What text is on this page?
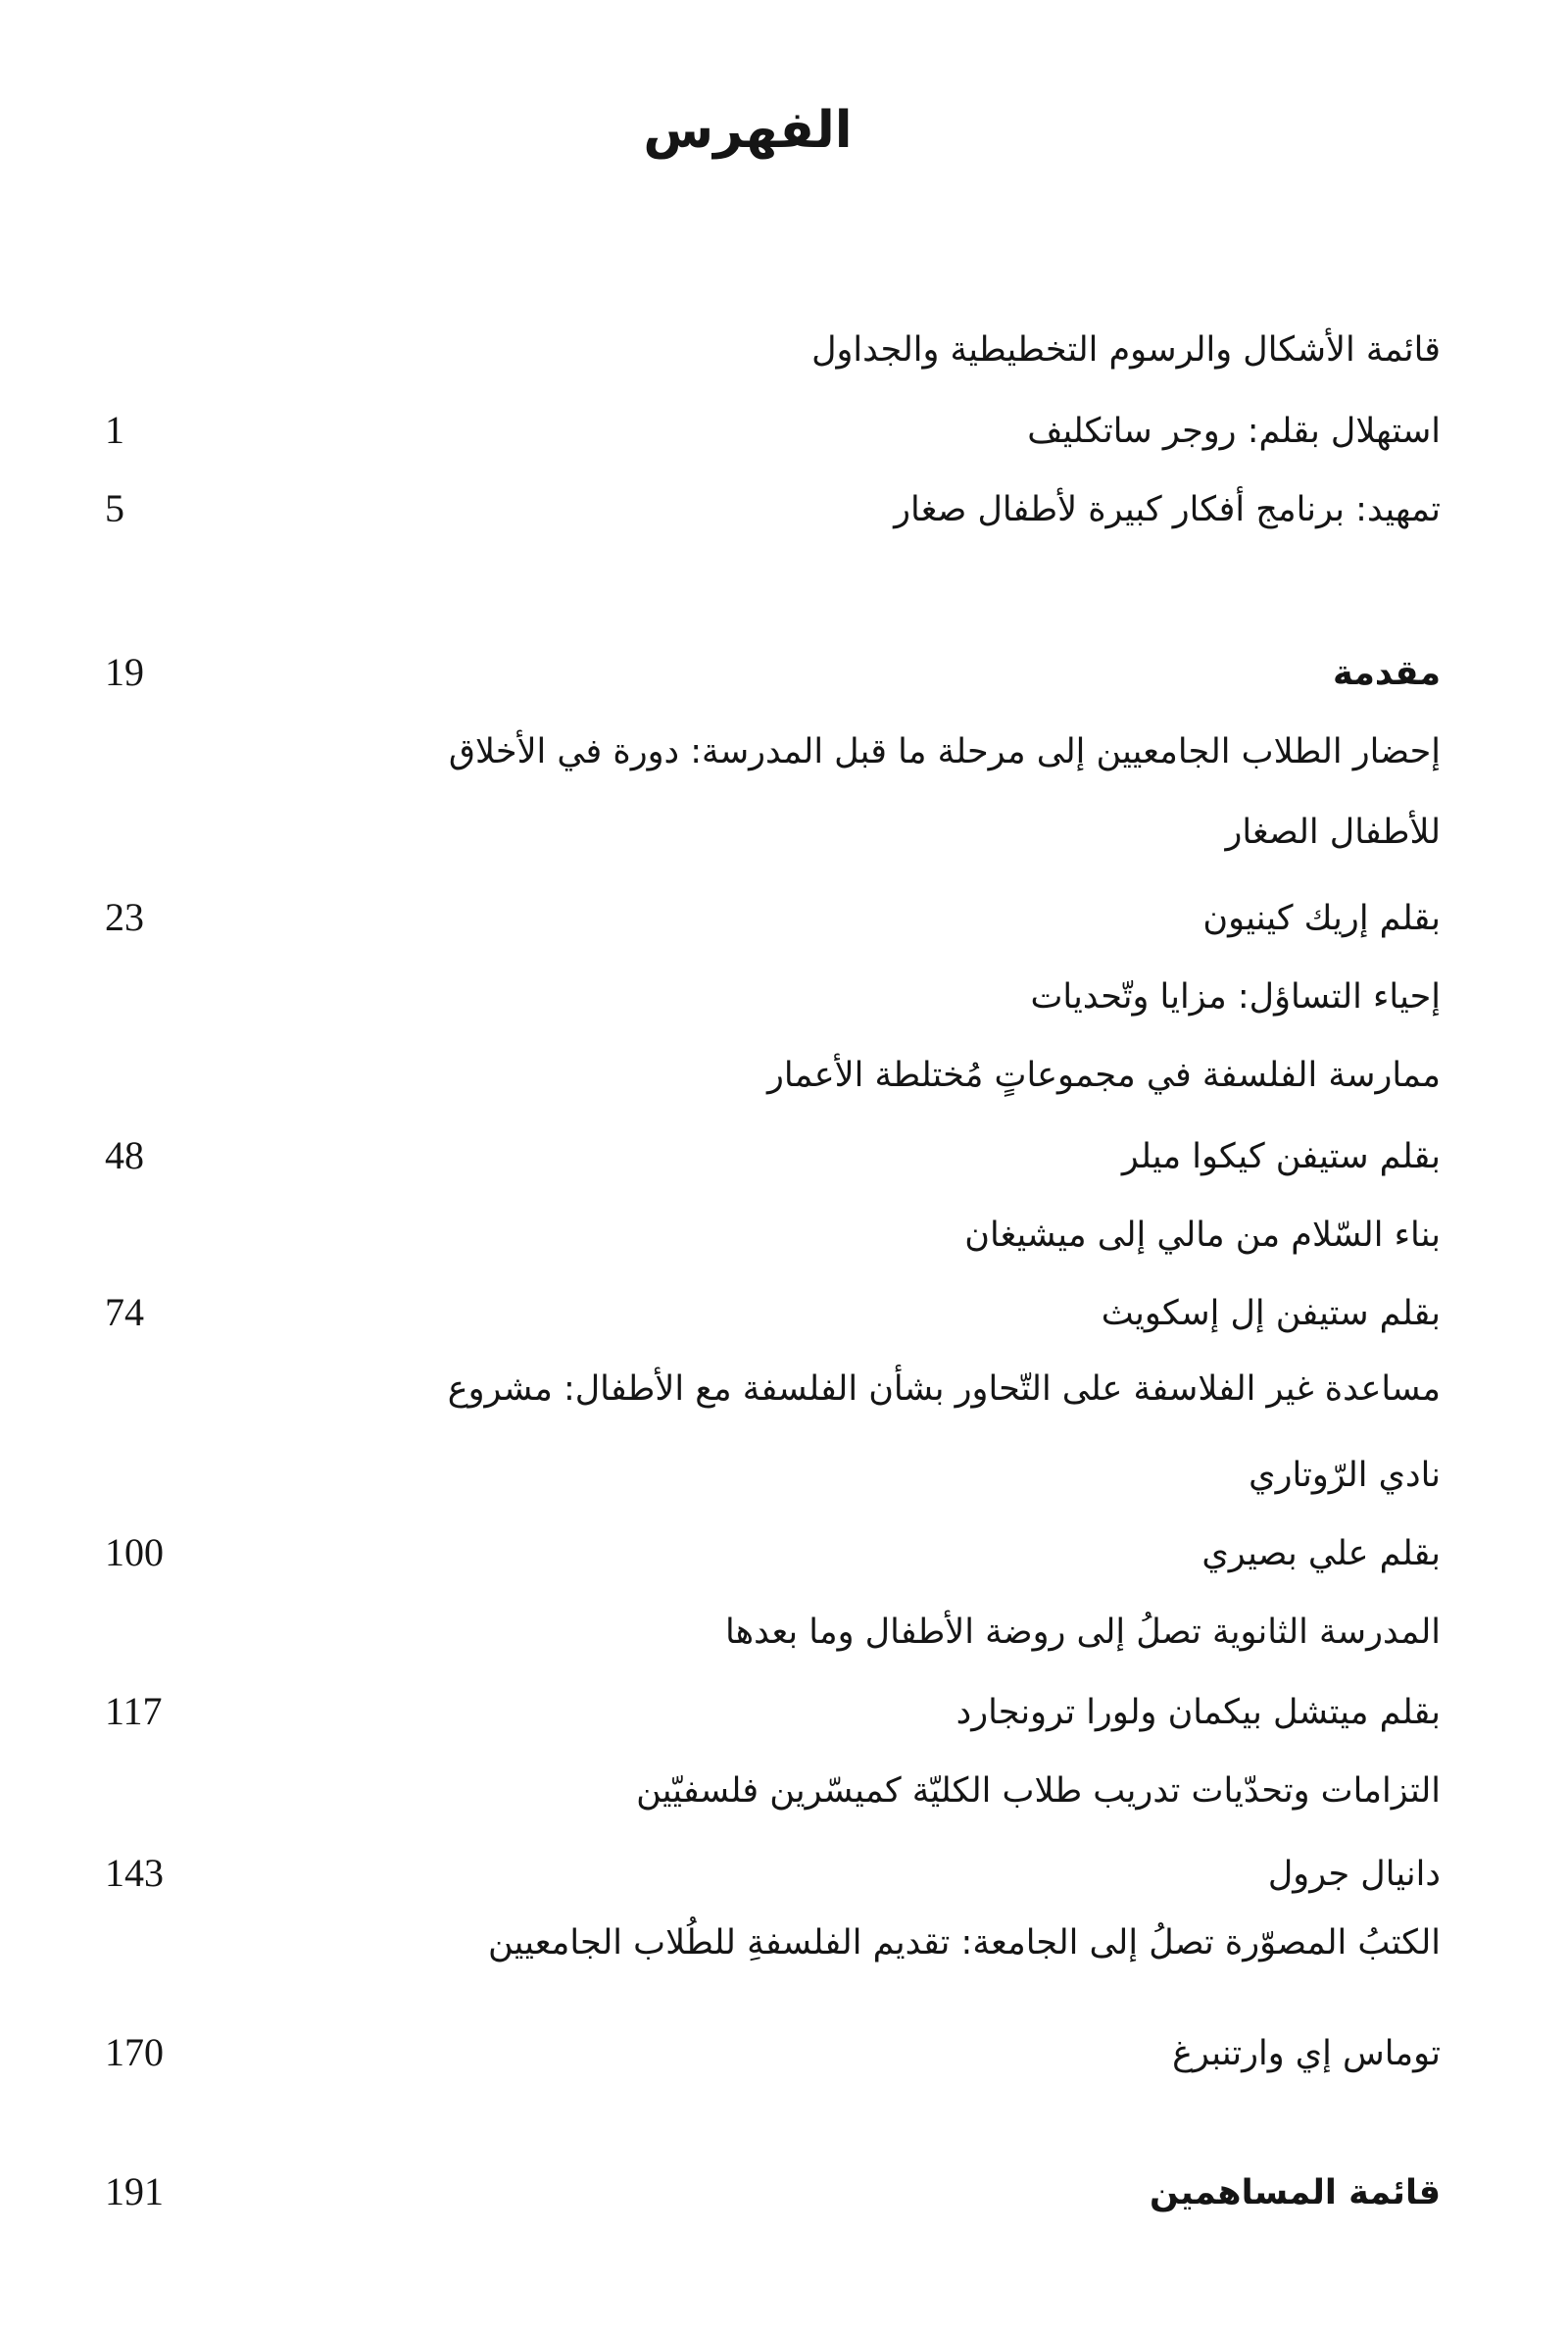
الفهرس
قائمة الأشكال والرسوم التخطيطية والجداول
1	استهلال بقلم: روجر ساتكليف
5	تمهيد: برنامج أفكار كبيرة لأطفال صغار
19	مقدمة
إحضار الطلاب الجامعيين إلى مرحلة ما قبل المدرسة: دورة في الأخلاق
للأطفال الصغار
23	بقلم إريك كينيون
إحياء التساؤل: مزايا وتّحديات
ممارسة الفلسفة في مجموعاتٍ مُختلطة الأعمار
48	بقلم ستيفن كيكوا ميلر
بناء السّلام من مالي إلى ميشيغان
74	بقلم ستيفن إل إسكويث
مساعدة غير الفلاسفة على التّحاور بشأن الفلسفة مع الأطفال: مشروع
نادي الرّوتاري
100	بقلم علي بصيري
المدرسة الثانوية تصلُ إلى روضة الأطفال وما بعدها
117	بقلم ميتشل بيكمان ولورا ترونجارد
التزامات وتحدّيات تدريب طلاب الكليّة كميسّرين فلسفيّين
143	دانيال جرول
الكتبُ المصوّرة تصلُ إلى الجامعة: تقديم الفلسفةِ للطُلاب الجامعيين
170	توماس إي وارتنبرغ
191	قائمة المساهمين
